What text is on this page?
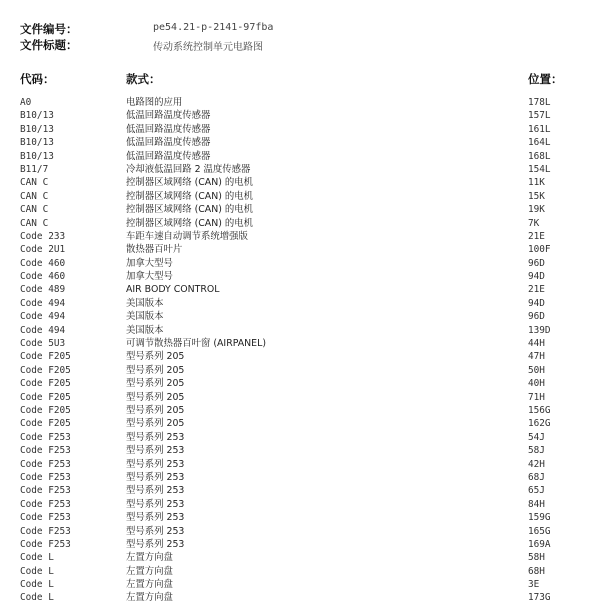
文件编号：	pe54.21-p-2141-97fba
文件标题：	传动系统控制单元电路图
代码：	款式：	位置：
A0	电路图的应用	178L
B10/13	低温回路温度传感器	157L
B10/13	低温回路温度传感器	161L
B10/13	低温回路温度传感器	164L
B10/13	低温回路温度传感器	168L
B11/7	冷却液低温回路 2 温度传感器	154L
CAN C	控制器区域网络 (CAN) 的电机	11K
CAN C	控制器区域网络 (CAN) 的电机	15K
CAN C	控制器区域网络 (CAN) 的电机	19K
CAN C	控制器区域网络 (CAN) 的电机	7K
Code 233	车距车速自动调节系统增强版	21E
Code 2U1	散热器百叶片	100F
Code 460	加拿大型号	96D
Code 460	加拿大型号	94D
Code 489	AIR BODY CONTROL	21E
Code 494	美国版本	94D
Code 494	美国版本	96D
Code 494	美国版本	139D
Code 5U3	可调节散热器百叶窗 (AIRPANEL)	44H
Code F205	型号系列 205	47H
Code F205	型号系列 205	50H
Code F205	型号系列 205	40H
Code F205	型号系列 205	71H
Code F205	型号系列 205	156G
Code F205	型号系列 205	162G
Code F253	型号系列 253	54J
Code F253	型号系列 253	58J
Code F253	型号系列 253	42H
Code F253	型号系列 253	68J
Code F253	型号系列 253	65J
Code F253	型号系列 253	84H
Code F253	型号系列 253	159G
Code F253	型号系列 253	165G
Code F253	型号系列 253	169A
Code L	左置方向盘	58H
Code L	左置方向盘	68H
Code L	左置方向盘	3E
Code L	左置方向盘	173G
